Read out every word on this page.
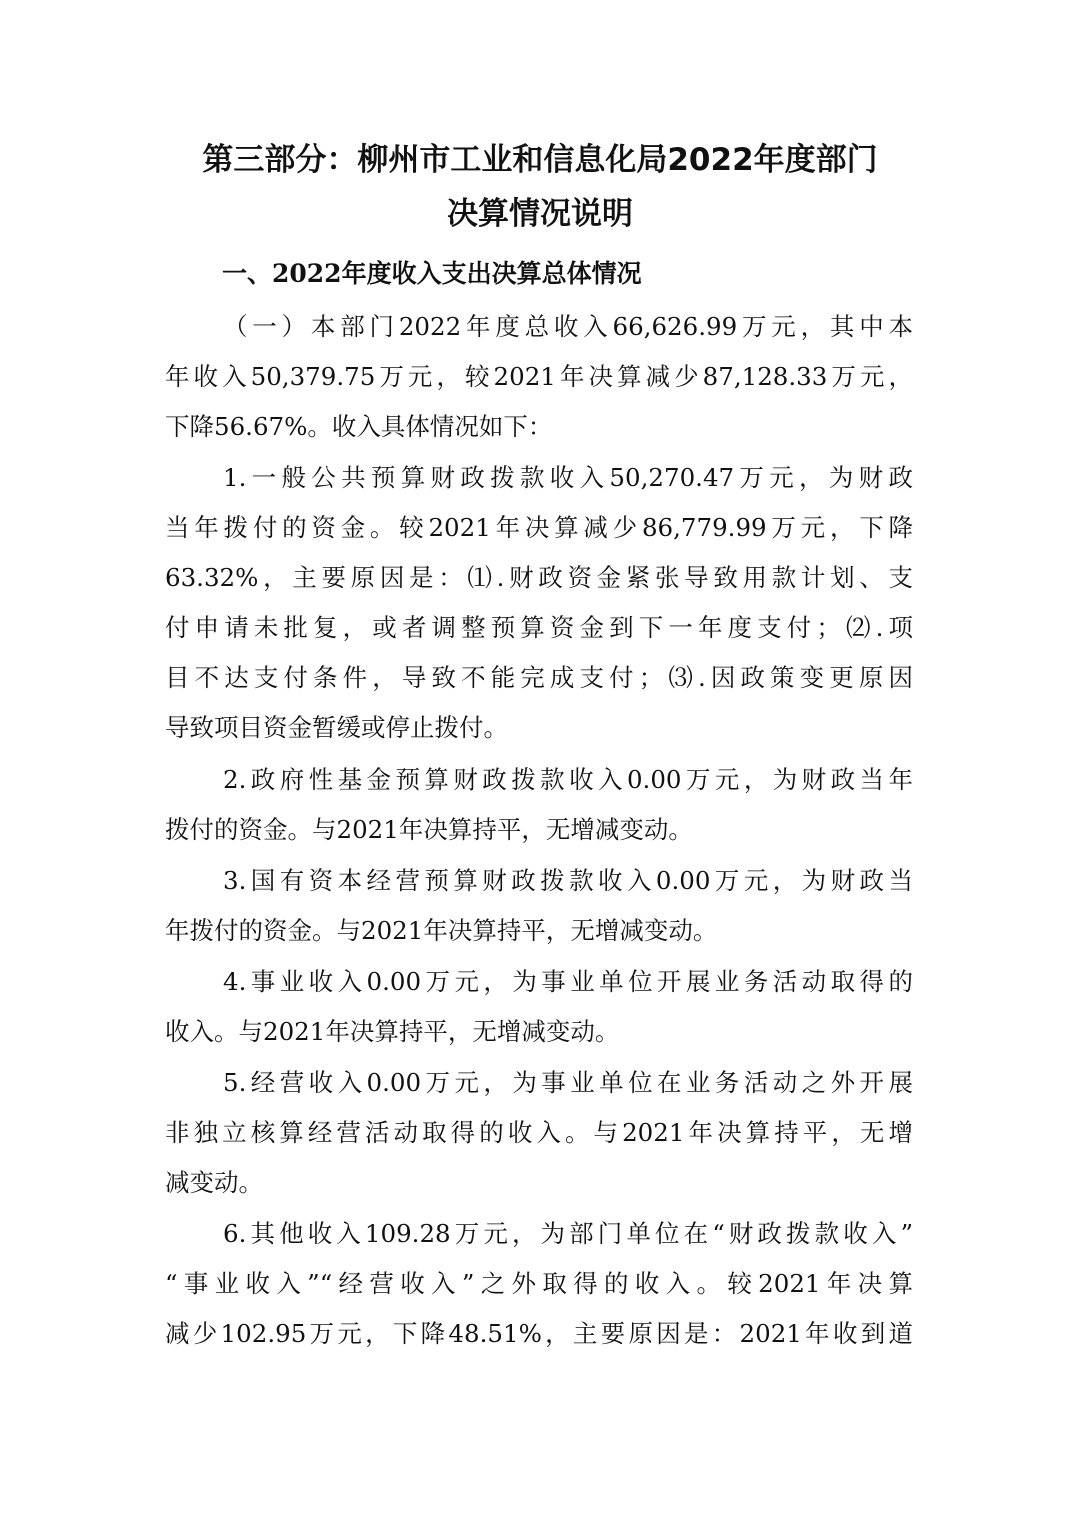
第三部分：柳州市工业和信息化局2022年度部门
决算情况说明
一、2022年度收入支出决算总体情况
（一）本部门2022年度总收入66,626.99万元，其中本
年收入50,379.75万元，较2021年决算减少87,128.33万元，
下降56.67%。收入具体情况如下：
1.一般公共预算财政拨款收入50,270.47万元，为财政
当年拨付的资金。较2021年决算减少86,779.99万元，下降
63.32%，主要原因是：⑴.财政资金紧张导致用款计划、支
付申请未批复，或者调整预算资金到下一年度支付；⑵.项
目不达支付条件，导致不能完成支付；⑶.因政策变更原因
导致项目资金暂缓或停止拨付。
2.政府性基金预算财政拨款收入0.00万元，为财政当年
拨付的资金。与2021年决算持平，无增减变动。
3.国有资本经营预算财政拨款收入0.00万元，为财政当
年拨付的资金。与2021年决算持平，无增减变动。
4.事业收入0.00万元，为事业单位开展业务活动取得的
收入。与2021年决算持平，无增减变动。
5.经营收入0.00万元，为事业单位在业务活动之外开展
非独立核算经营活动取得的收入。与2021年决算持平，无增
减变动。
6.其他收入109.28万元，为部门单位在“财政拨款收入”
“事业收入”“经营收入”之外取得的收入。较2021年决算
减少102.95万元，下降48.51%，主要原因是：2021年收到道
